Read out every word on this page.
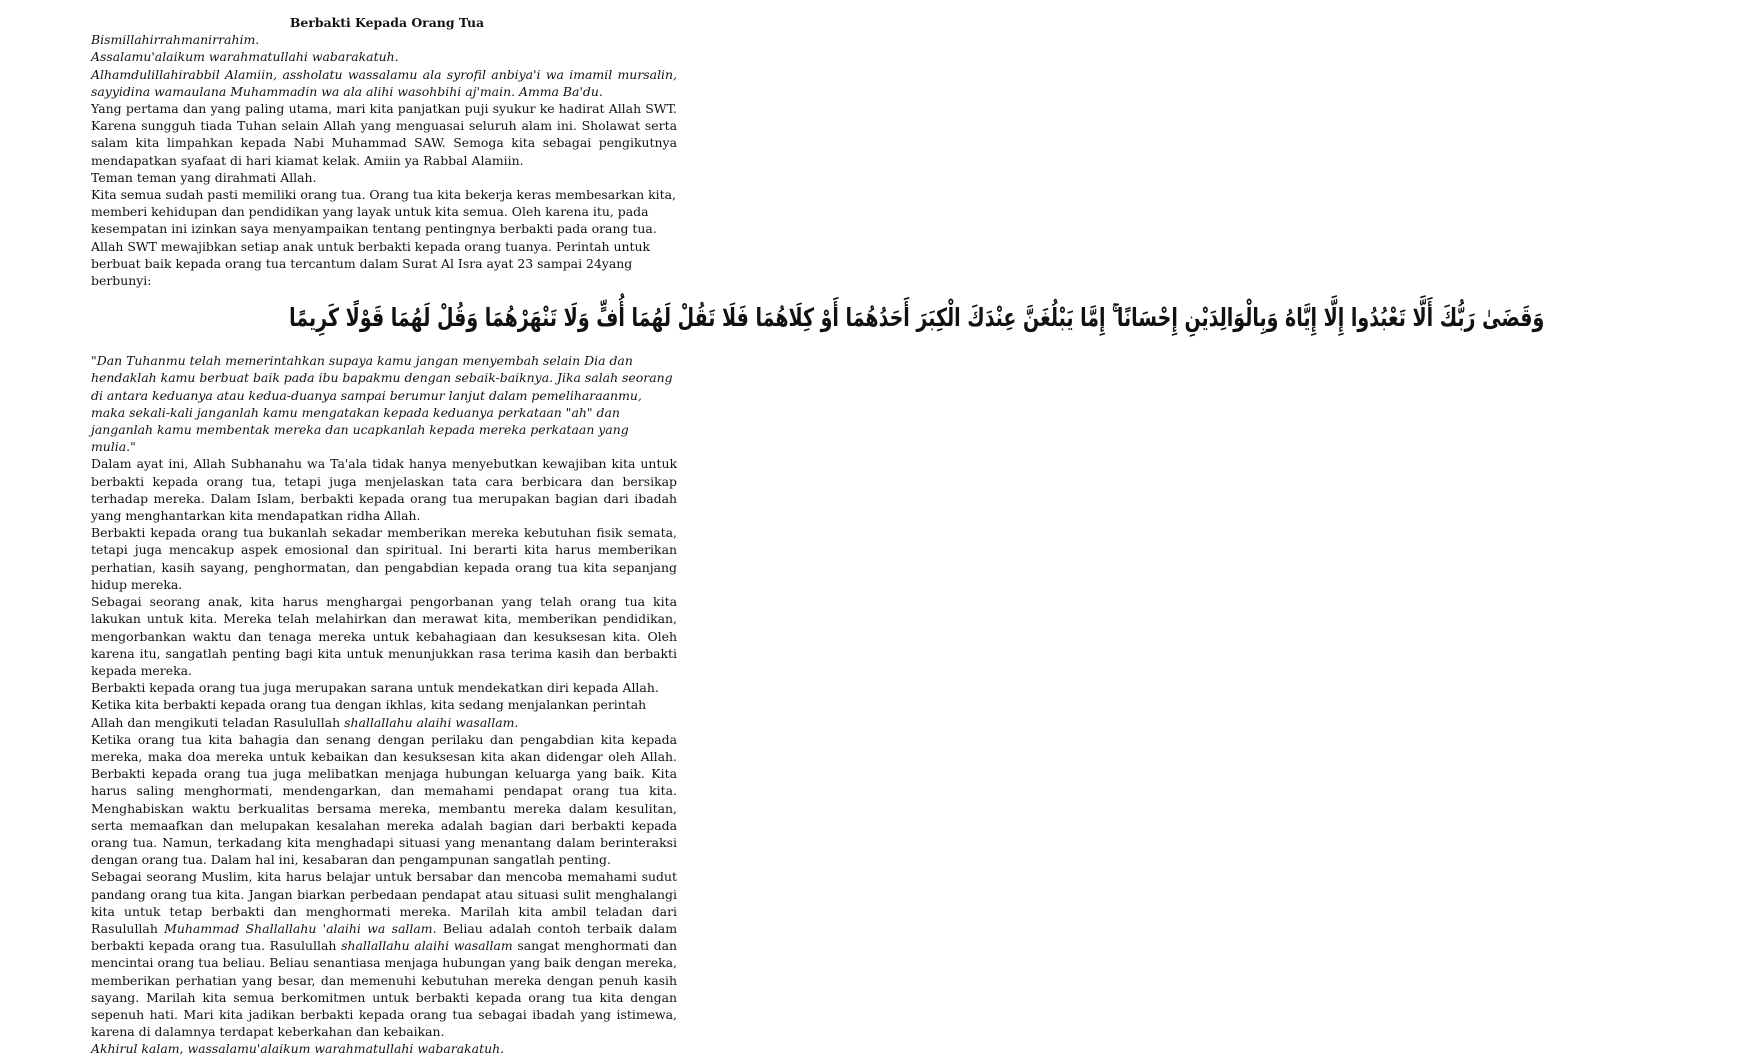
Berbakti Kepada Orang Tua

Bismillahirrahmanirrahim.

Assalamu'alaikum warahmatullahi wabarakatuh.

Alhamdulillahirabbil Alamiin, assholatu wassalamu ala syrofil anbiya'i wa imamil mursalin, sayyidina wamaulana Muhammadin wa ala alihi wasohbihi aj'main. Amma Ba'du.

Yang pertama dan yang paling utama, mari kita panjatkan puji syukur ke hadirat Allah SWT. Karena sungguh tiada Tuhan selain Allah yang menguasai seluruh alam ini. Sholawat serta salam kita limpahkan kepada Nabi Muhammad SAW. Semoga kita sebagai pengikutnya mendapatkan syafaat di hari kiamat kelak. Amiin ya Rabbal Alamiin.

Teman teman yang dirahmati Allah.

Kita semua sudah pasti memiliki orang tua. Orang tua kita bekerja keras membesarkan kita, memberi kehidupan dan pendidikan yang layak untuk kita semua. Oleh karena itu, pada kesempatan ini izinkan saya menyampaikan tentang pentingnya berbakti pada orang tua. Allah SWT mewajibkan setiap anak untuk berbakti kepada orang tuanya. Perintah untuk berbuat baik kepada orang tua tercantum dalam Surat Al Isra ayat 23 sampai 24yang berbunyi:

وَقَضَىٰ رَبُّكَ أَلَّا تَعْبُدُوا إِلَّا إِيَّاهُ وَبِالْوَالِدَيْنِ إِحْسَانًا ۚ إِمَّا يَبْلُغَنَّ عِنْدَكَ الْكِبَرَ أَحَدُهُمَا أَوْ كِلَاهُمَا فَلَا تَقُلْ لَهُمَا أُفٍّ وَلَا تَنْهَرْهُمَا وَقُلْ لَهُمَا قَوْلًا كَرِيمًا

"Dan Tuhanmu telah memerintahkan supaya kamu jangan menyembah selain Dia dan hendaklah kamu berbuat baik pada ibu bapakmu dengan sebaik-baiknya. Jika salah seorang di antara keduanya atau kedua-duanya sampai berumur lanjut dalam pemeliharaanmu, maka sekali-kali janganlah kamu mengatakan kepada keduanya perkataan "ah" dan janganlah kamu membentak mereka dan ucapkanlah kepada mereka perkataan yang mulia."

Dalam ayat ini, Allah Subhanahu wa Ta'ala tidak hanya menyebutkan kewajiban kita untuk berbakti kepada orang tua, tetapi juga menjelaskan tata cara berbicara dan bersikap terhadap mereka. Dalam Islam, berbakti kepada orang tua merupakan bagian dari ibadah yang menghantarkan kita mendapatkan ridha Allah.

Berbakti kepada orang tua bukanlah sekadar memberikan mereka kebutuhan fisik semata, tetapi juga mencakup aspek emosional dan spiritual. Ini berarti kita harus memberikan perhatian, kasih sayang, penghormatan, dan pengabdian kepada orang tua kita sepanjang hidup mereka.

Sebagai seorang anak, kita harus menghargai pengorbanan yang telah orang tua kita lakukan untuk kita. Mereka telah melahirkan dan merawat kita, memberikan pendidikan, mengorbankan waktu dan tenaga mereka untuk kebahagiaan dan kesuksesan kita. Oleh karena itu, sangatlah penting bagi kita untuk menunjukkan rasa terima kasih dan berbakti kepada mereka.

Berbakti kepada orang tua juga merupakan sarana untuk mendekatkan diri kepada Allah. Ketika kita berbakti kepada orang tua dengan ikhlas, kita sedang menjalankan perintah Allah dan mengikuti teladan Rasulullah shallallahu alaihi wasallam.

Ketika orang tua kita bahagia dan senang dengan perilaku dan pengabdian kita kepada mereka, maka doa mereka untuk kebaikan dan kesuksesan kita akan didengar oleh Allah. Berbakti kepada orang tua juga melibatkan menjaga hubungan keluarga yang baik. Kita harus saling menghormati, mendengarkan, dan memahami pendapat orang tua kita. Menghabiskan waktu berkualitas bersama mereka, membantu mereka dalam kesulitan, serta memaafkan dan melupakan kesalahan mereka adalah bagian dari berbakti kepada orang tua. Namun, terkadang kita menghadapi situasi yang menantang dalam berinteraksi dengan orang tua. Dalam hal ini, kesabaran dan pengampunan sangatlah penting.

Sebagai seorang Muslim, kita harus belajar untuk bersabar dan mencoba memahami sudut pandang orang tua kita. Jangan biarkan perbedaan pendapat atau situasi sulit menghalangi kita untuk tetap berbakti dan menghormati mereka. Marilah kita ambil teladan dari Rasulullah Muhammad Shallallahu 'alaihi wa sallam. Beliau adalah contoh terbaik dalam berbakti kepada orang tua. Rasulullah shallallahu alaihi wasallam sangat menghormati dan mencintai orang tua beliau. Beliau senantiasa menjaga hubungan yang baik dengan mereka, memberikan perhatian yang besar, dan memenuhi kebutuhan mereka dengan penuh kasih sayang. Marilah kita semua berkomitmen untuk berbakti kepada orang tua kita dengan sepenuh hati. Mari kita jadikan berbakti kepada orang tua sebagai ibadah yang istimewa, karena di dalamnya terdapat keberkahan dan kebaikan.

Akhirul kalam, wassalamu'alaikum warahmatullahi wabarakatuh.
